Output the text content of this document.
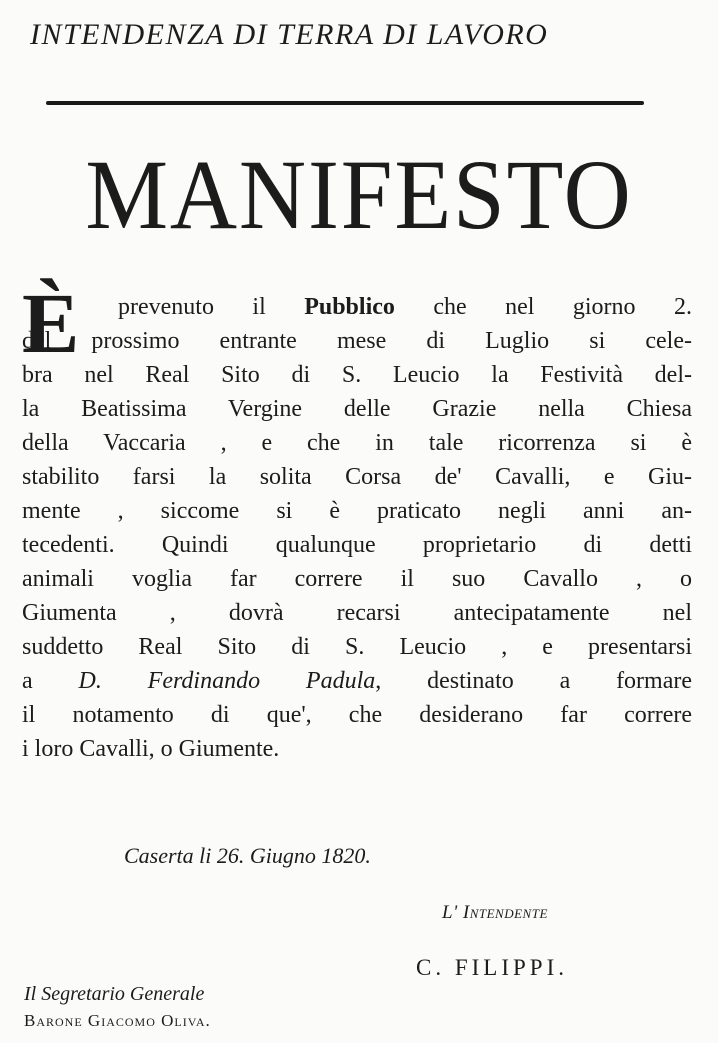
INTENDENZA DI TERRA DI LAVORO
MANIFESTO
È	prevenuto il Pubblico che nel giorno 2.
del prossimo entrante mese di Luglio si cele-
bra nel Real Sito di S. Leucio la Festività del-
la Beatissima Vergine delle Grazie nella Chiesa
della Vaccaria , e che in tale ricorrenza si è
stabilito farsi la solita Corsa de' Cavalli, e Giu-
mente , siccome si è praticato negli anni an-
tecedenti. Quindi qualunque proprietario di detti
animali voglia far correre il suo Cavallo , o
Giumenta , dovrà recarsi antecipatamente nel
suddetto Real Sito di S. Leucio , e presentarsi
a D. Ferdinando Padula, destinato a formare
il notamento di que', che desiderano far correre
i loro Cavalli, o Giumente.
Caserta li 26. Giugno 1820.
L' Intendente
C. FILIPPI.
Il Segretario Generale
Barone Giacomo Oliva.
